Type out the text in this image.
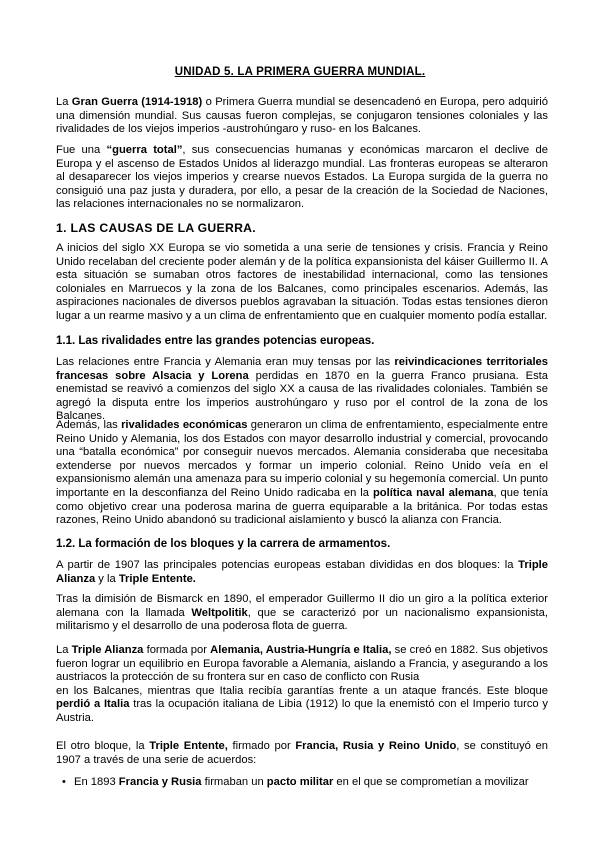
UNIDAD 5. LA PRIMERA GUERRA MUNDIAL.

La Gran Guerra (1914-1918) o Primera Guerra mundial se desencadenó en Europa, pero adquirió una dimensión mundial. Sus causas fueron complejas, se conjugaron tensiones coloniales y las rivalidades de los viejos imperios -austrohúngaro y ruso- en los Balcanes.

Fue una “guerra total”, sus consecuencias humanas y económicas marcaron el declive de Europa y el ascenso de Estados Unidos al liderazgo mundial. Las fronteras europeas se alteraron al desaparecer los viejos imperios y crearse nuevos Estados. La Europa surgida de la guerra no consiguió una paz justa y duradera, por ello, a pesar de la creación de la Sociedad de Naciones, las relaciones internacionales no se normalizaron.

1. LAS CAUSAS DE LA GUERRA.

A inicios del siglo XX Europa se vio sometida a una serie de tensiones y crisis. Francia y Reino Unido recelaban del creciente poder alemán y de la política expansionista del káiser Guillermo II. A esta situación se sumaban otros factores de inestabilidad internacional, como las tensiones coloniales en Marruecos y la zona de los Balcanes, como principales escenarios. Además, las aspiraciones nacionales de diversos pueblos agravaban la situación. Todas estas tensiones dieron lugar a un rearme masivo y a un clima de enfrentamiento que en cualquier momento podía estallar.

1.1. Las rivalidades entre las grandes potencias europeas.

Las relaciones entre Francia y Alemania eran muy tensas por las reivindicaciones territoriales francesas sobre Alsacia y Lorena perdidas en 1870 en la guerra Franco prusiana. Esta enemistad se reavivó a comienzos del siglo XX a causa de las rivalidades coloniales. También se agregó la disputa entre los imperios austrohúngaro y ruso por el control de la zona de los Balcanes.

Además, las rivalidades económicas generaron un clima de enfrentamiento, especialmente entre Reino Unido y Alemania, los dos Estados con mayor desarrollo industrial y comercial, provocando una “batalla económica” por conseguir nuevos mercados. Alemania consideraba que necesitaba extenderse por nuevos mercados y formar un imperio colonial. Reino Unido veía en el expansionismo alemán una amenaza para su imperio colonial y su hegemonía comercial. Un punto importante en la desconfianza del Reino Unido radicaba en la política naval alemana, que tenía como objetivo crear una poderosa marina de guerra equiparable a la británica. Por todas estas razones, Reino Unido abandonó su tradicional aislamiento y buscó la alianza con Francia.

1.2. La formación de los bloques y la carrera de armamentos.

A partir de 1907 las principales potencias europeas estaban divididas en dos bloques: la Triple Alianza y la Triple Entente.

Tras la dimisión de Bismarck en 1890, el emperador Guillermo II dio un giro a la política exterior alemana con la llamada Weltpolitik, que se caracterizó por un nacionalismo expansionista, militarismo y el desarrollo de una poderosa flota de guerra.

La Triple Alianza formada por Alemania, Austria-Hungría e Italia, se creó en 1882. Sus objetivos fueron lograr un equilibrio en Europa favorable a Alemania, aislando a Francia, y asegurando a los austriacos la protección de su frontera sur en caso de conflicto con Rusia
en los Balcanes, mientras que Italia recibía garantías frente a un ataque francés. Este bloque perdió a Italia tras la ocupación italiana de Libia (1912) lo que la enemistó con el Imperio turco y Austria.

El otro bloque, la Triple Entente, firmado por Francia, Rusia y Reino Unido, se constituyó en 1907 a través de una serie de acuerdos:

• En 1893 Francia y Rusia firmaban un pacto militar en el que se comprometían a movilizar
